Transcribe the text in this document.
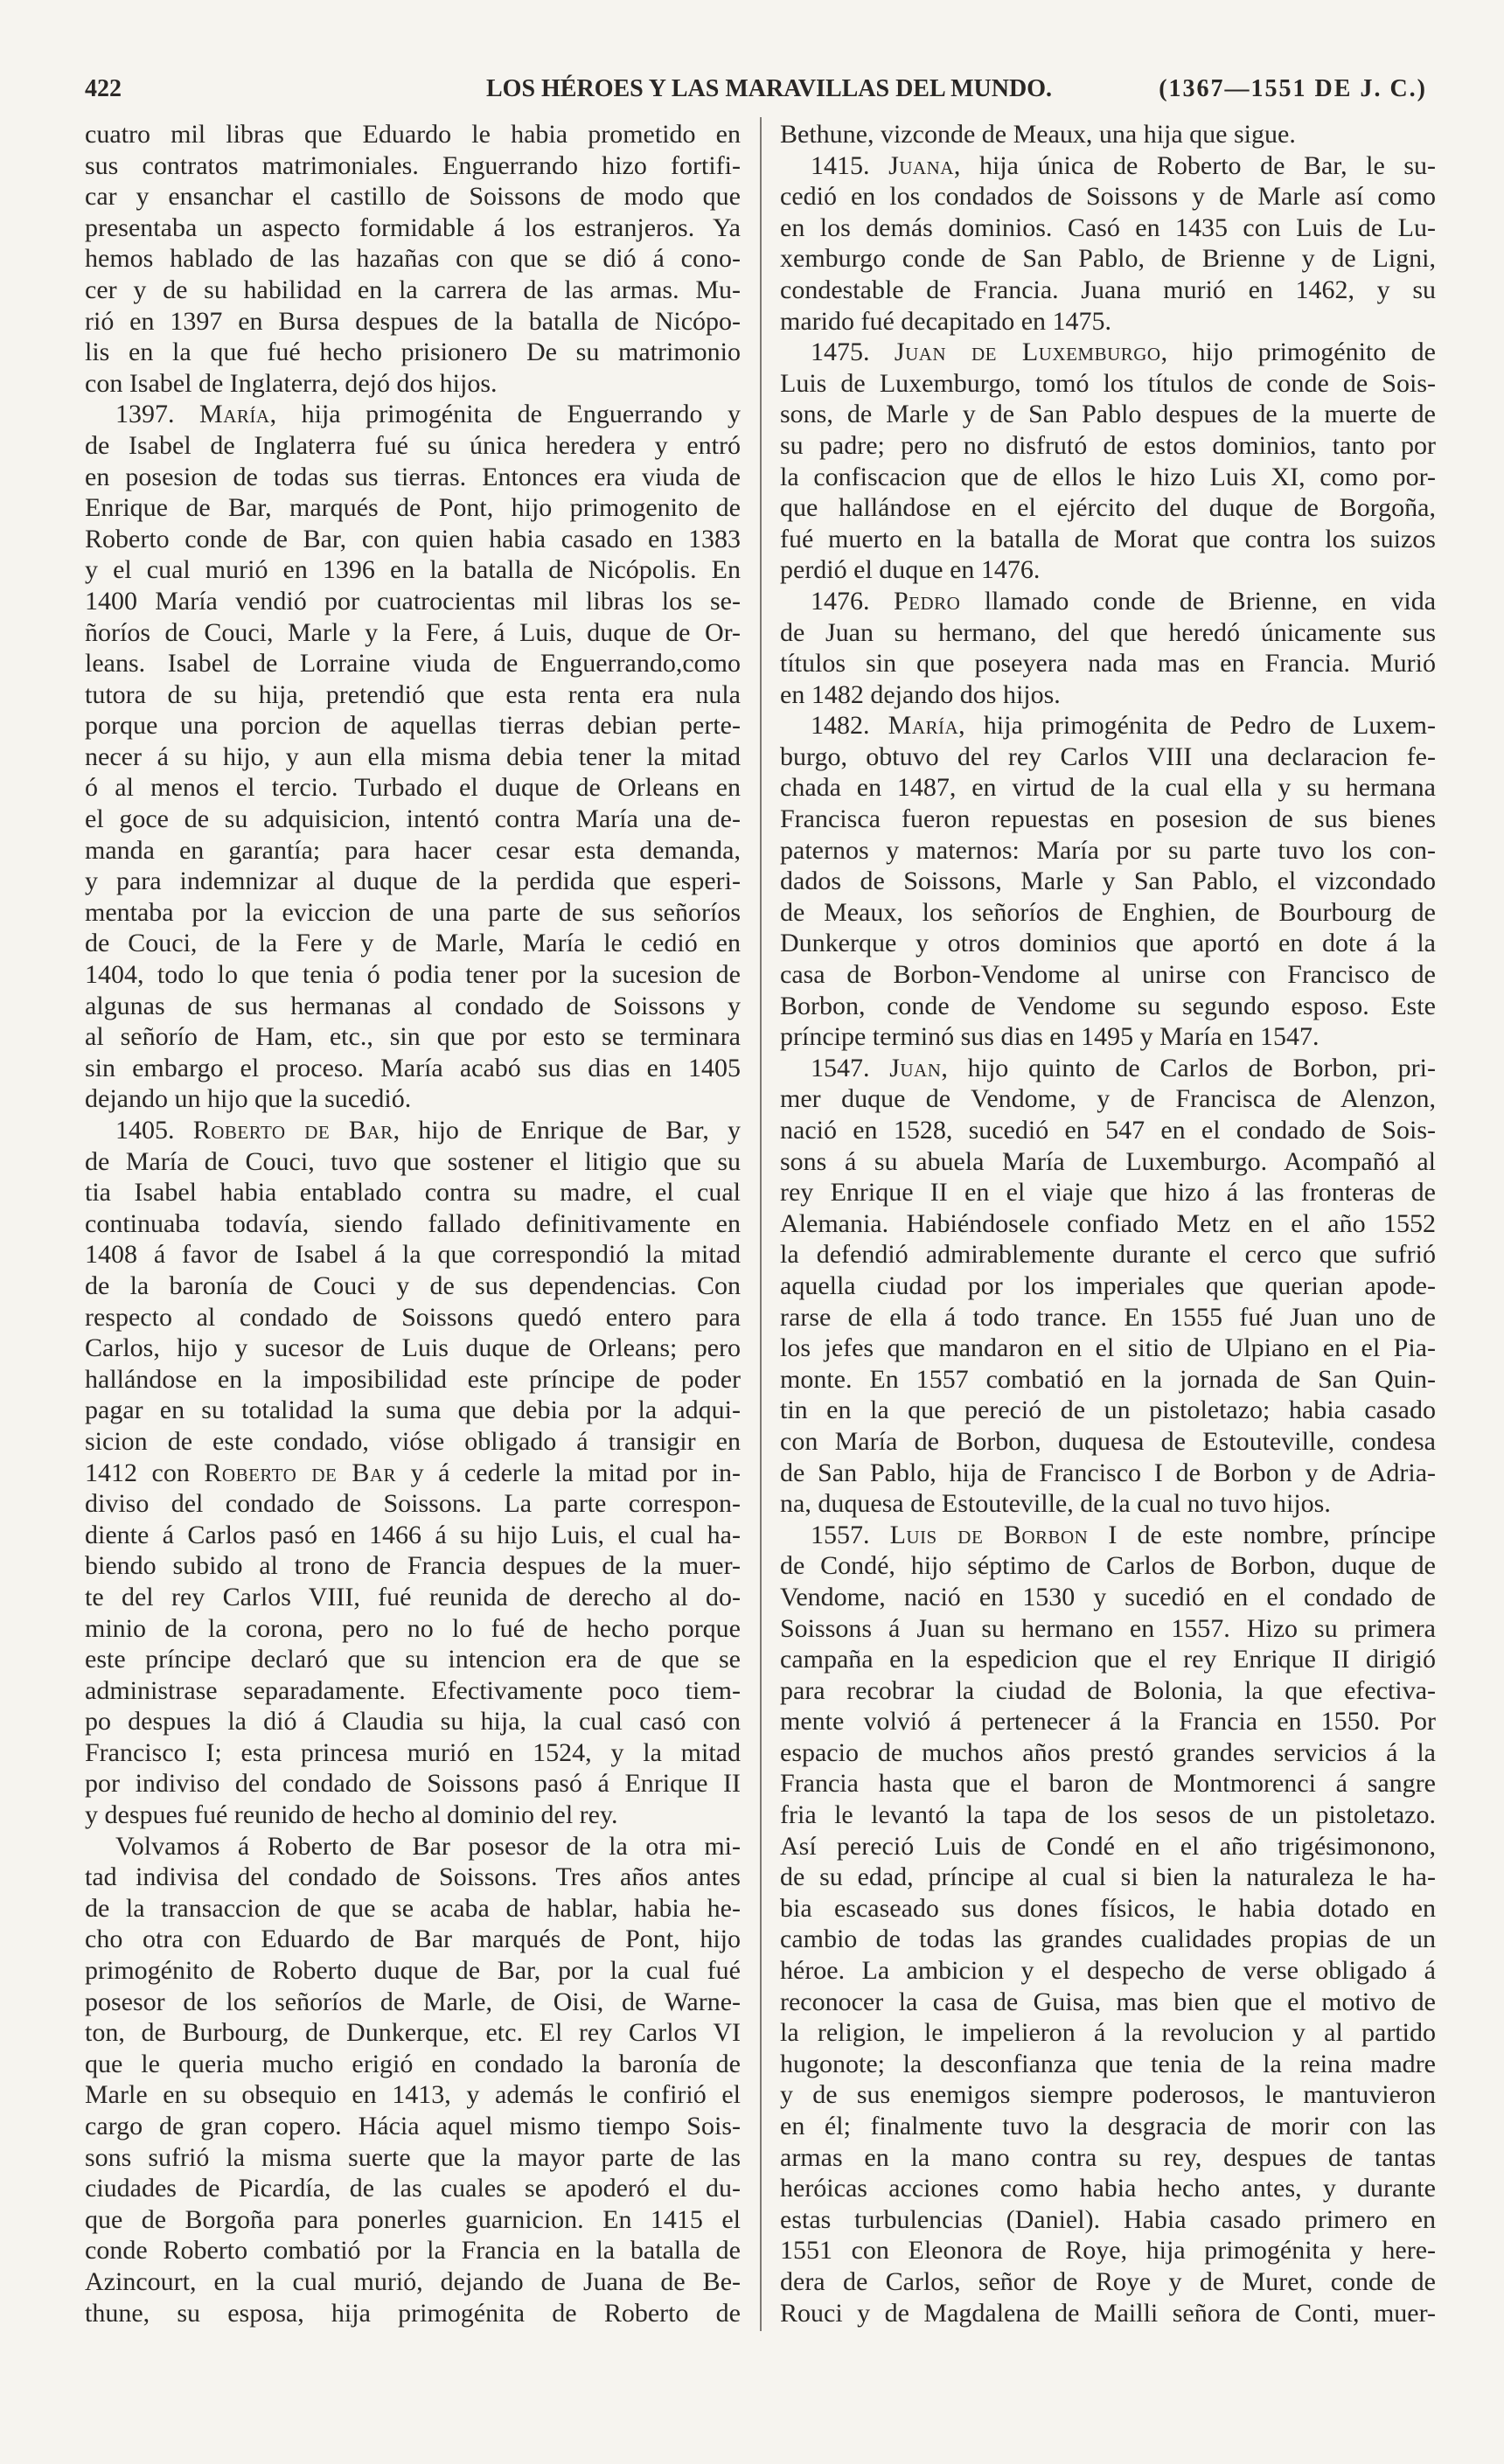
422	LOS HÉROES Y LAS MARAVILLAS DEL MUNDO.	(1367—1551 DE J. C.)
cuatro mil libras que Eduardo le habia prometido en
sus contratos matrimoniales. Enguerrando hizo fortifi-
car y ensanchar el castillo de Soissons de modo que
presentaba un aspecto formidable á los estranjeros. Ya
hemos hablado de las hazañas con que se dió á cono-
cer y de su habilidad en la carrera de las armas. Mu-
rió en 1397 en Bursa despues de la batalla de Nicópo-
lis en la que fué hecho prisionero De su matrimonio
con Isabel de Inglaterra, dejó dos hijos.
1397. María, hija primogénita de Enguerrando y
de Isabel de Inglaterra fué su única heredera y entró
en posesion de todas sus tierras. Entonces era viuda de
Enrique de Bar, marqués de Pont, hijo primogenito de
Roberto conde de Bar, con quien habia casado en 1383
y el cual murió en 1396 en la batalla de Nicópolis. En
1400 María vendió por cuatrocientas mil libras los se-
ñoríos de Couci, Marle y la Fere, á Luis, duque de Or-
leans. Isabel de Lorraine viuda de Enguerrando,como
tutora de su hija, pretendió que esta renta era nula
porque una porcion de aquellas tierras debian perte-
necer á su hijo, y aun ella misma debia tener la mitad
ó al menos el tercio. Turbado el duque de Orleans en
el goce de su adquisicion, intentó contra María una de-
manda en garantía; para hacer cesar esta demanda,
y para indemnizar al duque de la perdida que esperi-
mentaba por la eviccion de una parte de sus señoríos
de Couci, de la Fere y de Marle, María le cedió en
1404, todo lo que tenia ó podia tener por la sucesion de
algunas de sus hermanas al condado de Soissons y
al señorío de Ham, etc., sin que por esto se terminara
sin embargo el proceso. María acabó sus dias en 1405
dejando un hijo que la sucedió.
1405. Roberto de Bar, hijo de Enrique de Bar, y
de María de Couci, tuvo que sostener el litigio que su
tia Isabel habia entablado contra su madre, el cual
continuaba todavía, siendo fallado definitivamente en
1408 á favor de Isabel á la que correspondió la mitad
de la baronía de Couci y de sus dependencias. Con
respecto al condado de Soissons quedó entero para
Carlos, hijo y sucesor de Luis duque de Orleans; pero
hallándose en la imposibilidad este príncipe de poder
pagar en su totalidad la suma que debia por la adqui-
sicion de este condado, vióse obligado á transigir en
1412 con Roberto de Bar y á cederle la mitad por in-
diviso del condado de Soissons. La parte correspon-
diente á Carlos pasó en 1466 á su hijo Luis, el cual ha-
biendo subido al trono de Francia despues de la muer-
te del rey Carlos VIII, fué reunida de derecho al do-
minio de la corona, pero no lo fué de hecho porque
este príncipe declaró que su intencion era de que se
administrase separadamente. Efectivamente poco tiem-
po despues la dió á Claudia su hija, la cual casó con
Francisco I; esta princesa murió en 1524, y la mitad
por indiviso del condado de Soissons pasó á Enrique II
y despues fué reunido de hecho al dominio del rey.
Volvamos á Roberto de Bar posesor de la otra mi-
tad indivisa del condado de Soissons. Tres años antes
de la transaccion de que se acaba de hablar, habia he-
cho otra con Eduardo de Bar marqués de Pont, hijo
primogénito de Roberto duque de Bar, por la cual fué
posesor de los señoríos de Marle, de Oisi, de Warne-
ton, de Burbourg, de Dunkerque, etc. El rey Carlos VI
que le queria mucho erigió en condado la baronía de
Marle en su obsequio en 1413, y además le confirió el
cargo de gran copero. Hácia aquel mismo tiempo Sois-
sons sufrió la misma suerte que la mayor parte de las
ciudades de Picardía, de las cuales se apoderó el du-
que de Borgoña para ponerles guarnicion. En 1415 el
conde Roberto combatió por la Francia en la batalla de
Azincourt, en la cual murió, dejando de Juana de Be-
thune, su esposa, hija primogénita de Roberto de
Bethune, vizconde de Meaux, una hija que sigue.
1415. Juana, hija única de Roberto de Bar, le su-
cedió en los condados de Soissons y de Marle así como
en los demás dominios. Casó en 1435 con Luis de Lu-
xemburgo conde de San Pablo, de Brienne y de Ligni,
condestable de Francia. Juana murió en 1462, y su
marido fué decapitado en 1475.
1475. Juan de Luxemburgo, hijo primogénito de
Luis de Luxemburgo, tomó los títulos de conde de Sois-
sons, de Marle y de San Pablo despues de la muerte de
su padre; pero no disfrutó de estos dominios, tanto por
la confiscacion que de ellos le hizo Luis XI, como por-
que hallándose en el ejército del duque de Borgoña,
fué muerto en la batalla de Morat que contra los suizos
perdió el duque en 1476.
1476. Pedro llamado conde de Brienne, en vida
de Juan su hermano, del que heredó únicamente sus
títulos sin que poseyera nada mas en Francia. Murió
en 1482 dejando dos hijos.
1482. María, hija primogénita de Pedro de Luxem-
burgo, obtuvo del rey Carlos VIII una declaracion fe-
chada en 1487, en virtud de la cual ella y su hermana
Francisca fueron repuestas en posesion de sus bienes
paternos y maternos: María por su parte tuvo los con-
dados de Soissons, Marle y San Pablo, el vizcondado
de Meaux, los señoríos de Enghien, de Bourbourg de
Dunkerque y otros dominios que aportó en dote á la
casa de Borbon-Vendome al unirse con Francisco de
Borbon, conde de Vendome su segundo esposo. Este
príncipe terminó sus dias en 1495 y María en 1547.
1547. Juan, hijo quinto de Carlos de Borbon, pri-
mer duque de Vendome, y de Francisca de Alenzon,
nació en 1528, sucedió en 547 en el condado de Sois-
sons á su abuela María de Luxemburgo. Acompañó al
rey Enrique II en el viaje que hizo á las fronteras de
Alemania. Habiéndosele confiado Metz en el año 1552
la defendió admirablemente durante el cerco que sufrió
aquella ciudad por los imperiales que querian apode-
rarse de ella á todo trance. En 1555 fué Juan uno de
los jefes que mandaron en el sitio de Ulpiano en el Pia-
monte. En 1557 combatió en la jornada de San Quin-
tin en la que pereció de un pistoletazo; habia casado
con María de Borbon, duquesa de Estouteville, condesa
de San Pablo, hija de Francisco I de Borbon y de Adria-
na, duquesa de Estouteville, de la cual no tuvo hijos.
1557. Luis de Borbon I de este nombre, príncipe
de Condé, hijo séptimo de Carlos de Borbon, duque de
Vendome, nació en 1530 y sucedió en el condado de
Soissons á Juan su hermano en 1557. Hizo su primera
campaña en la espedicion que el rey Enrique II dirigió
para recobrar la ciudad de Bolonia, la que efectiva-
mente volvió á pertenecer á la Francia en 1550. Por
espacio de muchos años prestó grandes servicios á la
Francia hasta que el baron de Montmorenci á sangre
fria le levantó la tapa de los sesos de un pistoletazo.
Así pereció Luis de Condé en el año trigésimonono,
de su edad, príncipe al cual si bien la naturaleza le ha-
bia escaseado sus dones físicos, le habia dotado en
cambio de todas las grandes cualidades propias de un
héroe. La ambicion y el despecho de verse obligado á
reconocer la casa de Guisa, mas bien que el motivo de
la religion, le impelieron á la revolucion y al partido
hugonote; la desconfianza que tenia de la reina madre
y de sus enemigos siempre poderosos, le mantuvieron
en él; finalmente tuvo la desgracia de morir con las
armas en la mano contra su rey, despues de tantas
heróicas acciones como habia hecho antes, y durante
estas turbulencias (Daniel). Habia casado primero en
1551 con Eleonora de Roye, hija primogénita y here-
dera de Carlos, señor de Roye y de Muret, conde de
Rouci y de Magdalena de Mailli señora de Conti, muer-
